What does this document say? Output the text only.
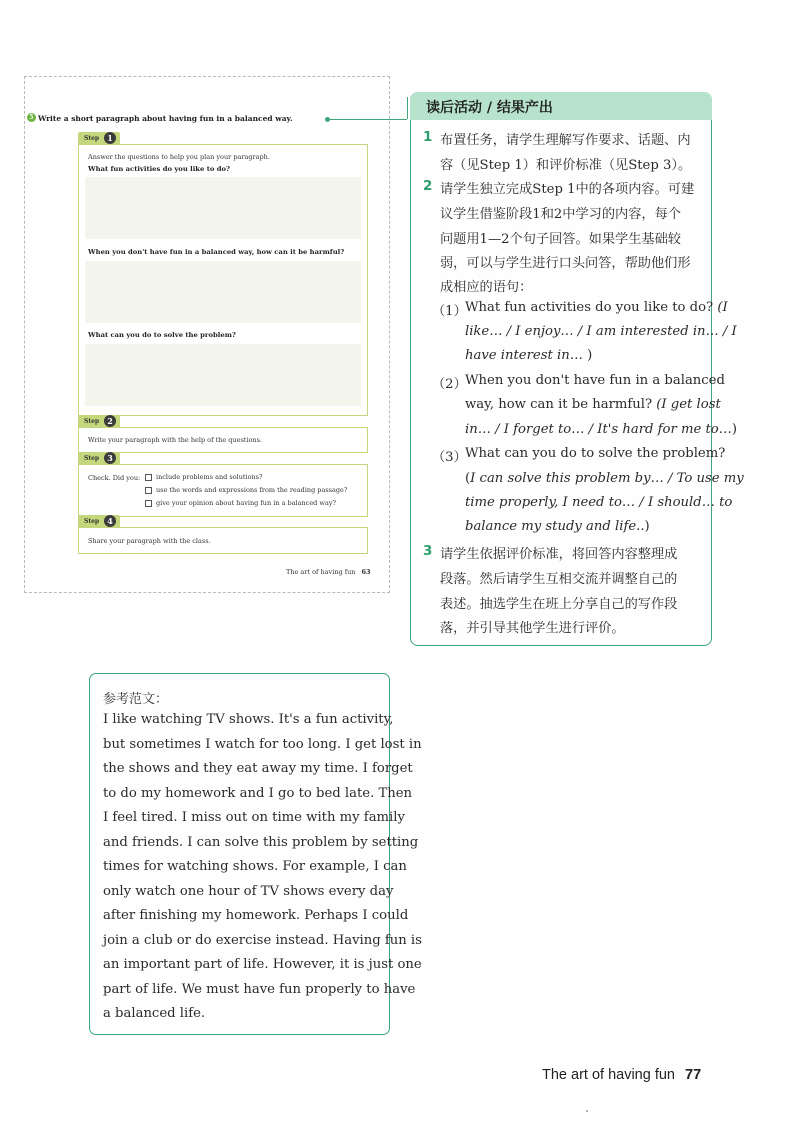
5 Write a short paragraph about having fun in a balanced way.
Step	1
Answer the questions to help you plan your paragraph.
What fun activities do you like to do?
When you don't have fun in a balanced way, how can it be harmful?
What can you do to solve the problem?
Step	2
Write your paragraph with the help of the questions.
Step	3
Check. Did you:	include problems and solutions?
use the words and expressions from the reading passage?
give your opinion about having fun in a balanced way?
Step	4
Share your paragraph with the class.
The art of having fun 63
读后活动 / 结果产出
1 布置任务，请学生理解写作要求、话题、内
容（见Step 1）和评价标准（见Step 3）。
2 请学生独立完成Step 1中的各项内容。可建
议学生借鉴阶段1和2中学习的内容，每个
问题用1—2个句子回答。如果学生基础较
弱，可以与学生进行口头问答，帮助他们形
成相应的语句：
（1）
What fun activities do you like to do? (I
like… / I enjoy… / I am interested in… / I
have interest in… )
（2）
When you don't have fun in a balanced
way, how can it be harmful? (I get lost
in… / I forget to… / It's hard for me to…)
（3）
What can you do to solve the problem?
(I can solve this problem by… / To use my
time properly, I need to… / I should… to
balance my study and life..)
3 请学生依据评价标准，将回答内容整理成
段落。然后请学生互相交流并调整自己的
表述。抽选学生在班上分享自己的写作段
落，并引导其他学生进行评价。
参考范文：
I like watching TV shows. It's a fun activity,
but sometimes I watch for too long. I get lost in
the shows and they eat away my time. I forget
to do my homework and I go to bed late. Then
I feel tired. I miss out on time with my family
and friends. I can solve this problem by setting
times for watching shows. For example, I can
only watch one hour of TV shows every day
after finishing my homework. Perhaps I could
join a club or do exercise instead. Having fun is
an important part of life. However, it is just one
part of life. We must have fun properly to have
a balanced life.
The art of having fun 77
